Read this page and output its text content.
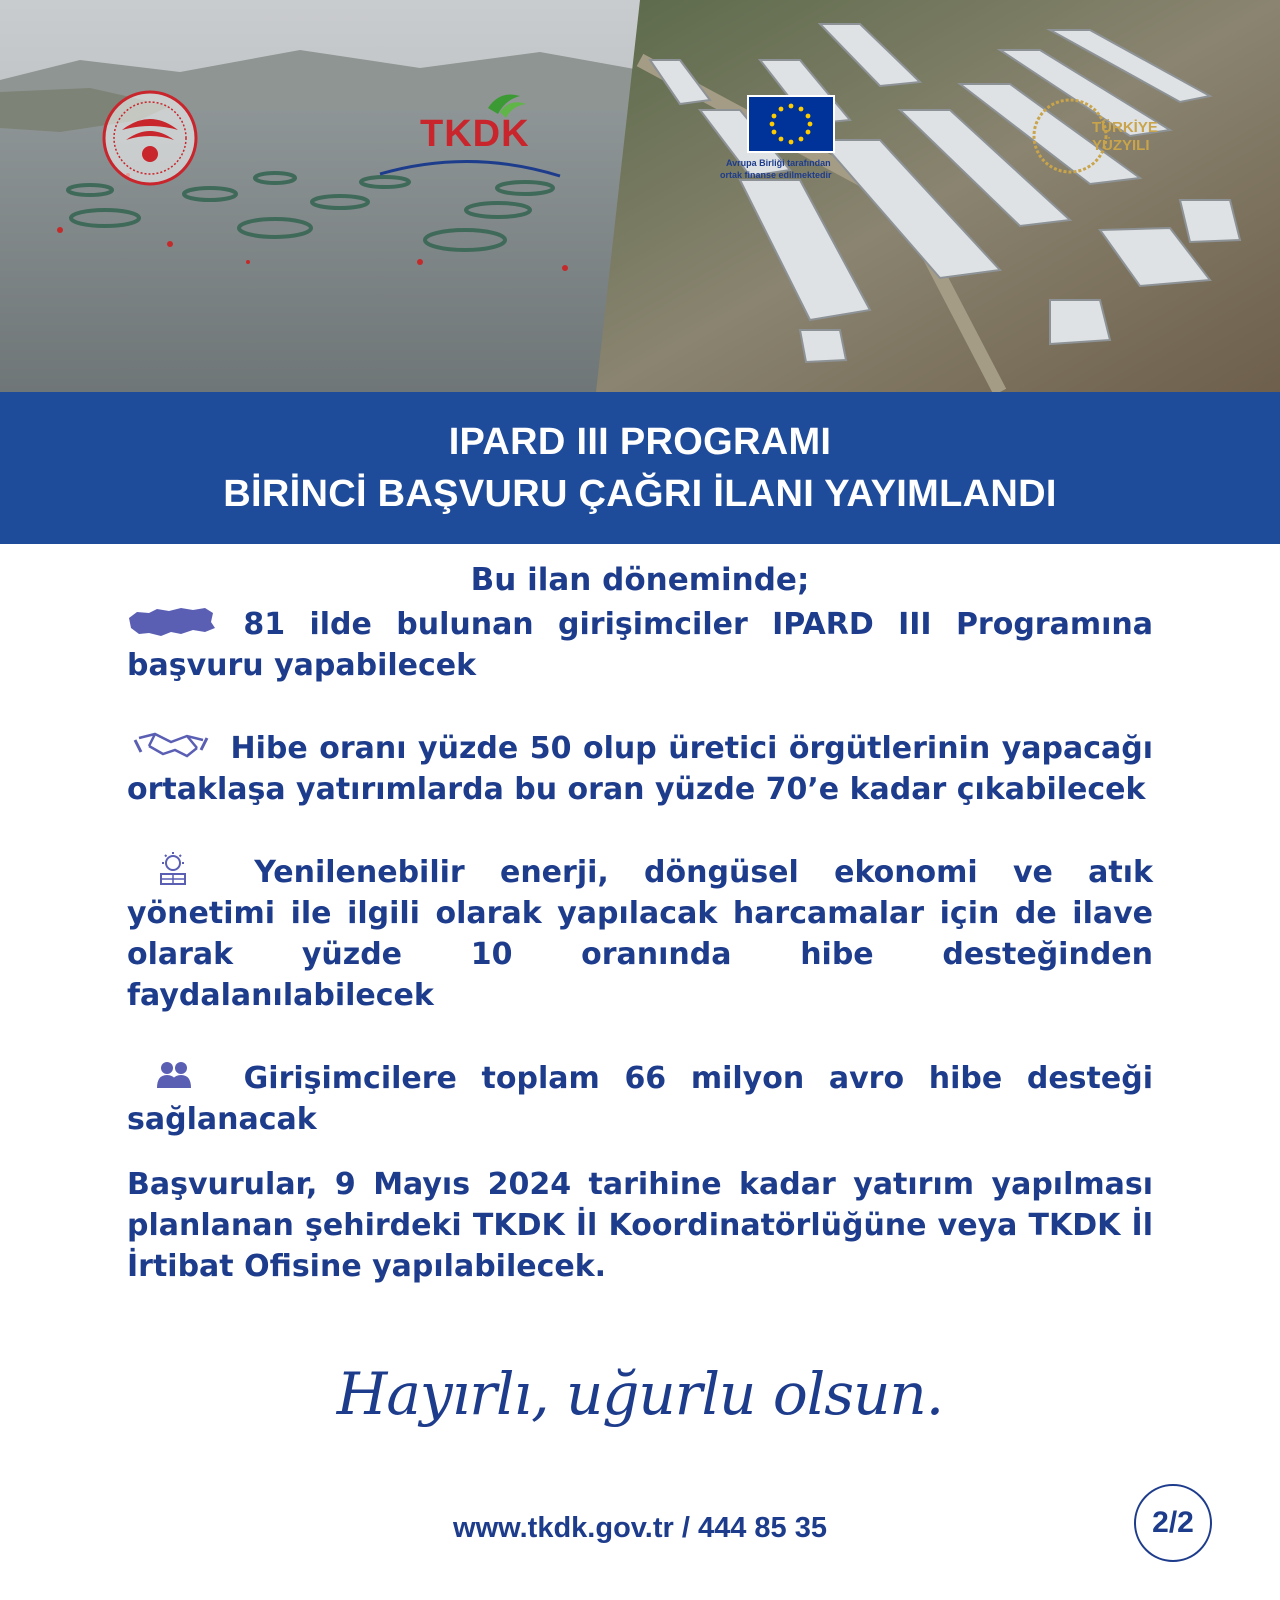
TKDK
Avrupa Birliği tarafından ortak finanse edilmektedir
TÜRKİYE YÜZYILI
IPARD III PROGRAMI
BİRİNCİ BAŞVURU ÇAĞRI İLANI YAYIMLANDI

Bu ilan döneminde;

81 ilde bulunan girişimciler IPARD III Programına başvuru yapabilecek

Hibe oranı yüzde 50 olup üretici örgütlerinin yapacağı ortaklaşa yatırımlarda bu oran yüzde 70’e kadar çıkabilecek

Yenilenebilir enerji, döngüsel ekonomi ve atık yönetimi ile ilgili olarak yapılacak harcamalar için de ilave olarak yüzde 10 oranında hibe desteğinden faydalanılabilecek

Girişimcilere toplam 66 milyon avro hibe desteği sağlanacak

Başvurular, 9 Mayıs 2024 tarihine kadar yatırım yapılması planlanan şehirdeki TKDK İl Koordinatörlüğüne veya TKDK İl İrtibat Ofisine yapılabilecek.

Hayırlı, uğurlu olsun.
www.tkdk.gov.tr / 444 85 35	2/2
